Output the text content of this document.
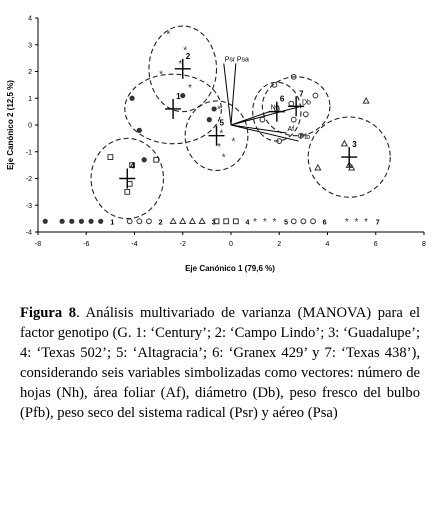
-8	-6	-4	-2	0	2	4	6	8
4
3
2
1
0
-1
-2
-3
-4
Psr Psa
Nb
Db
Af
Pfb
*
*
*
*
*
*
*
*
*
*
1
2
3
4
5
6
7
1	2	3	4 * * * 5	6 * * * 7
Eje Canónico 1 (79,6 %)
Eje Canónico 2 (12,5 %)
Figura 8. Análisis multivariado de varianza (MANOVA) para el factor genotipo (G. 1: ‘Century’; 2: ‘Campo Lindo’; 3: ‘Guadalupe’; 4: ‘Texas 502’; 5: ‘Altagracia’; 6: ‘Granex 429’ y 7: ‘Texas 438’), considerando seis variables simbolizadas como vectores: número de hojas (Nh), área foliar (Af), diámetro (Db), peso fresco del bulbo (Pfb), peso seco del sistema radical (Psr) y aéreo (Psa)
